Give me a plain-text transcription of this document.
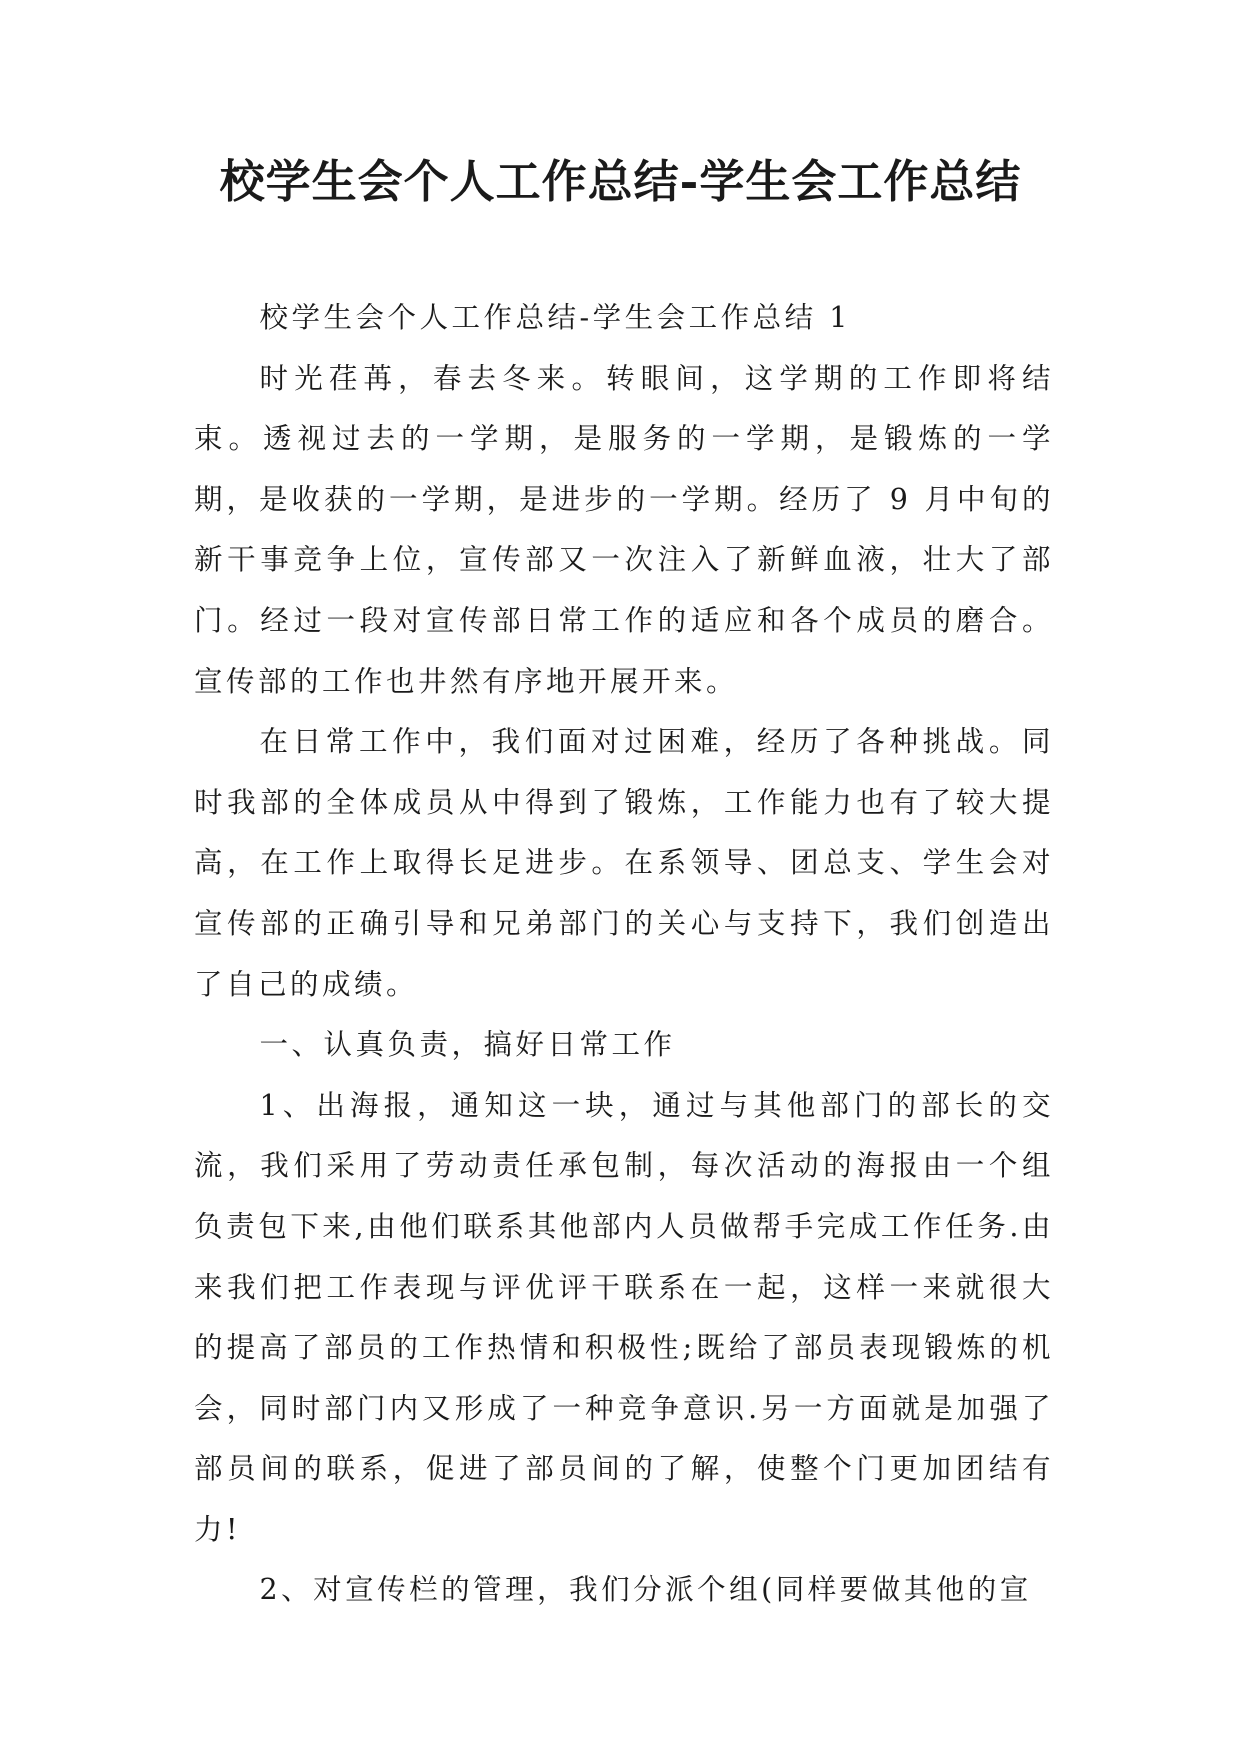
校学生会个人工作总结-学生会工作总结

校学生会个人工作总结-学生会工作总结 1

时光荏苒，春去冬来。转眼间，这学期的工作即将结束。透视过去的一学期，是服务的一学期，是锻炼的一学期，是收获的一学期，是进步的一学期。经历了 9 月中旬的新干事竞争上位，宣传部又一次注入了新鲜血液，壮大了部门。经过一段对宣传部日常工作的适应和各个成员的磨合。宣传部的工作也井然有序地开展开来。

在日常工作中，我们面对过困难，经历了各种挑战。同时我部的全体成员从中得到了锻炼，工作能力也有了较大提高，在工作上取得长足进步。在系领导、团总支、学生会对宣传部的正确引导和兄弟部门的关心与支持下，我们创造出了自己的成绩。

一、认真负责，搞好日常工作

1、出海报，通知这一块，通过与其他部门的部长的交流，我们采用了劳动责任承包制，每次活动的海报由一个组负责包下来,由他们联系其他部内人员做帮手完成工作任务.由来我们把工作表现与评优评干联系在一起，这样一来就很大的提高了部员的工作热情和积极性;既给了部员表现锻炼的机会，同时部门内又形成了一种竞争意识.另一方面就是加强了部员间的联系，促进了部员间的了解，使整个门更加团结有力!

2、对宣传栏的管理，我们分派个组(同样要做其他的宣
